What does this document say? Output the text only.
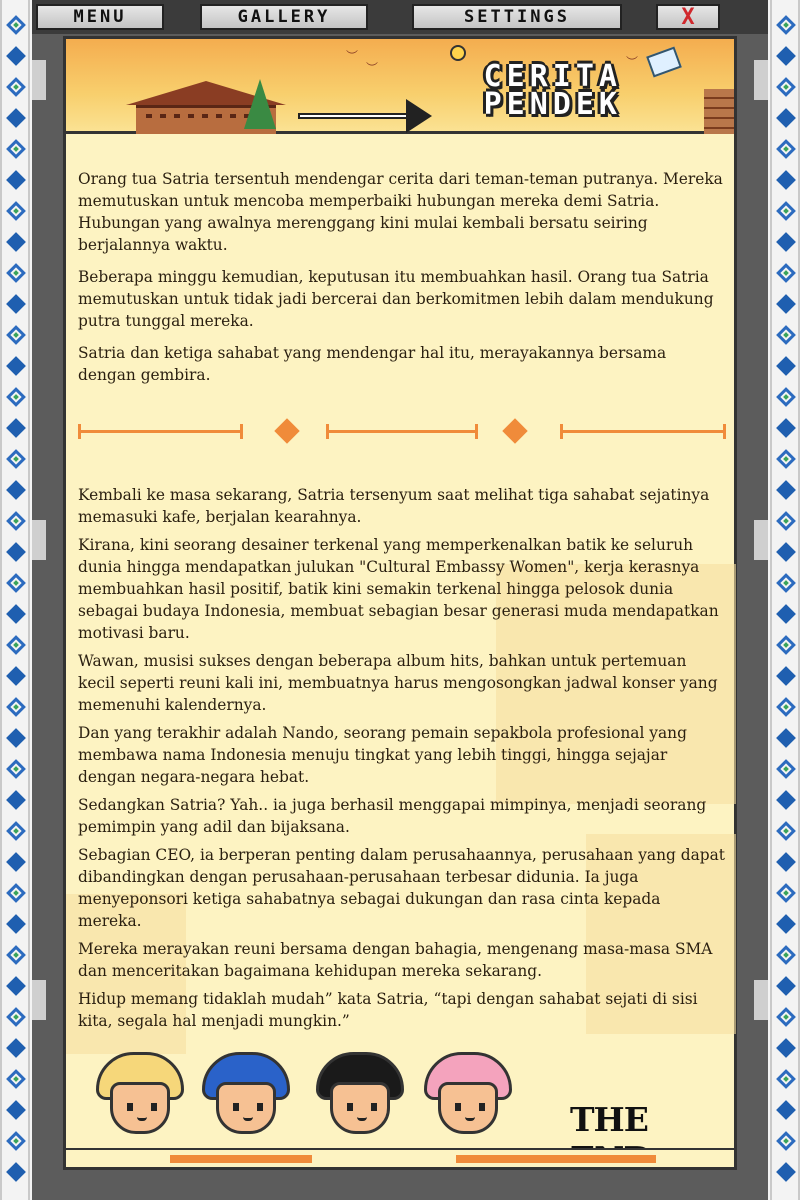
MENU	GALLERY	SETTINGS	X
︶
︶	︶
CERITA
PENDEK

Orang tua Satria tersentuh mendengar cerita dari teman-teman putranya. Mereka memutuskan untuk mencoba memperbaiki hubungan mereka demi Satria. Hubungan yang awalnya merenggang kini mulai kembali bersatu seiring berjalannya waktu.

Beberapa minggu kemudian, keputusan itu membuahkan hasil. Orang tua Satria memutuskan untuk tidak jadi bercerai dan berkomitmen lebih dalam mendukung putra tunggal mereka.

Satria dan ketiga sahabat yang mendengar hal itu, merayakannya bersama dengan gembira.

Kembali ke masa sekarang, Satria tersenyum saat melihat tiga sahabat sejatinya memasuki kafe, berjalan kearahnya.

Kirana, kini seorang desainer terkenal yang memperkenalkan batik ke seluruh dunia hingga mendapatkan julukan "Cultural Embassy Women", kerja kerasnya membuahkan hasil positif, batik kini semakin terkenal hingga pelosok dunia sebagai budaya Indonesia, membuat sebagian besar generasi muda mendapatkan motivasi baru.

Wawan, musisi sukses dengan beberapa album hits, bahkan untuk pertemuan kecil seperti reuni kali ini, membuatnya harus mengosongkan jadwal konser yang memenuhi kalendernya.

Dan yang terakhir adalah Nando, seorang pemain sepakbola profesional yang membawa nama Indonesia menuju tingkat yang lebih tinggi, hingga sejajar dengan negara-negara hebat.

Sedangkan Satria? Yah.. ia juga berhasil menggapai mimpinya, menjadi seorang pemimpin yang adil dan bijaksana.

Sebagian CEO, ia berperan penting dalam perusahaannya, perusahaan yang dapat dibandingkan dengan perusahaan-perusahaan terbesar didunia. Ia juga menyeponsori ketiga sahabatnya sebagai dukungan dan rasa cinta kepada mereka.

Mereka merayakan reuni bersama dengan bahagia, mengenang masa-masa SMA dan menceritakan bagaimana kehidupan mereka sekarang.

Hidup memang tidaklah mudah” kata Satria, “tapi dengan sahabat sejati di sisi kita, segala hal menjadi mungkin.”

THE
